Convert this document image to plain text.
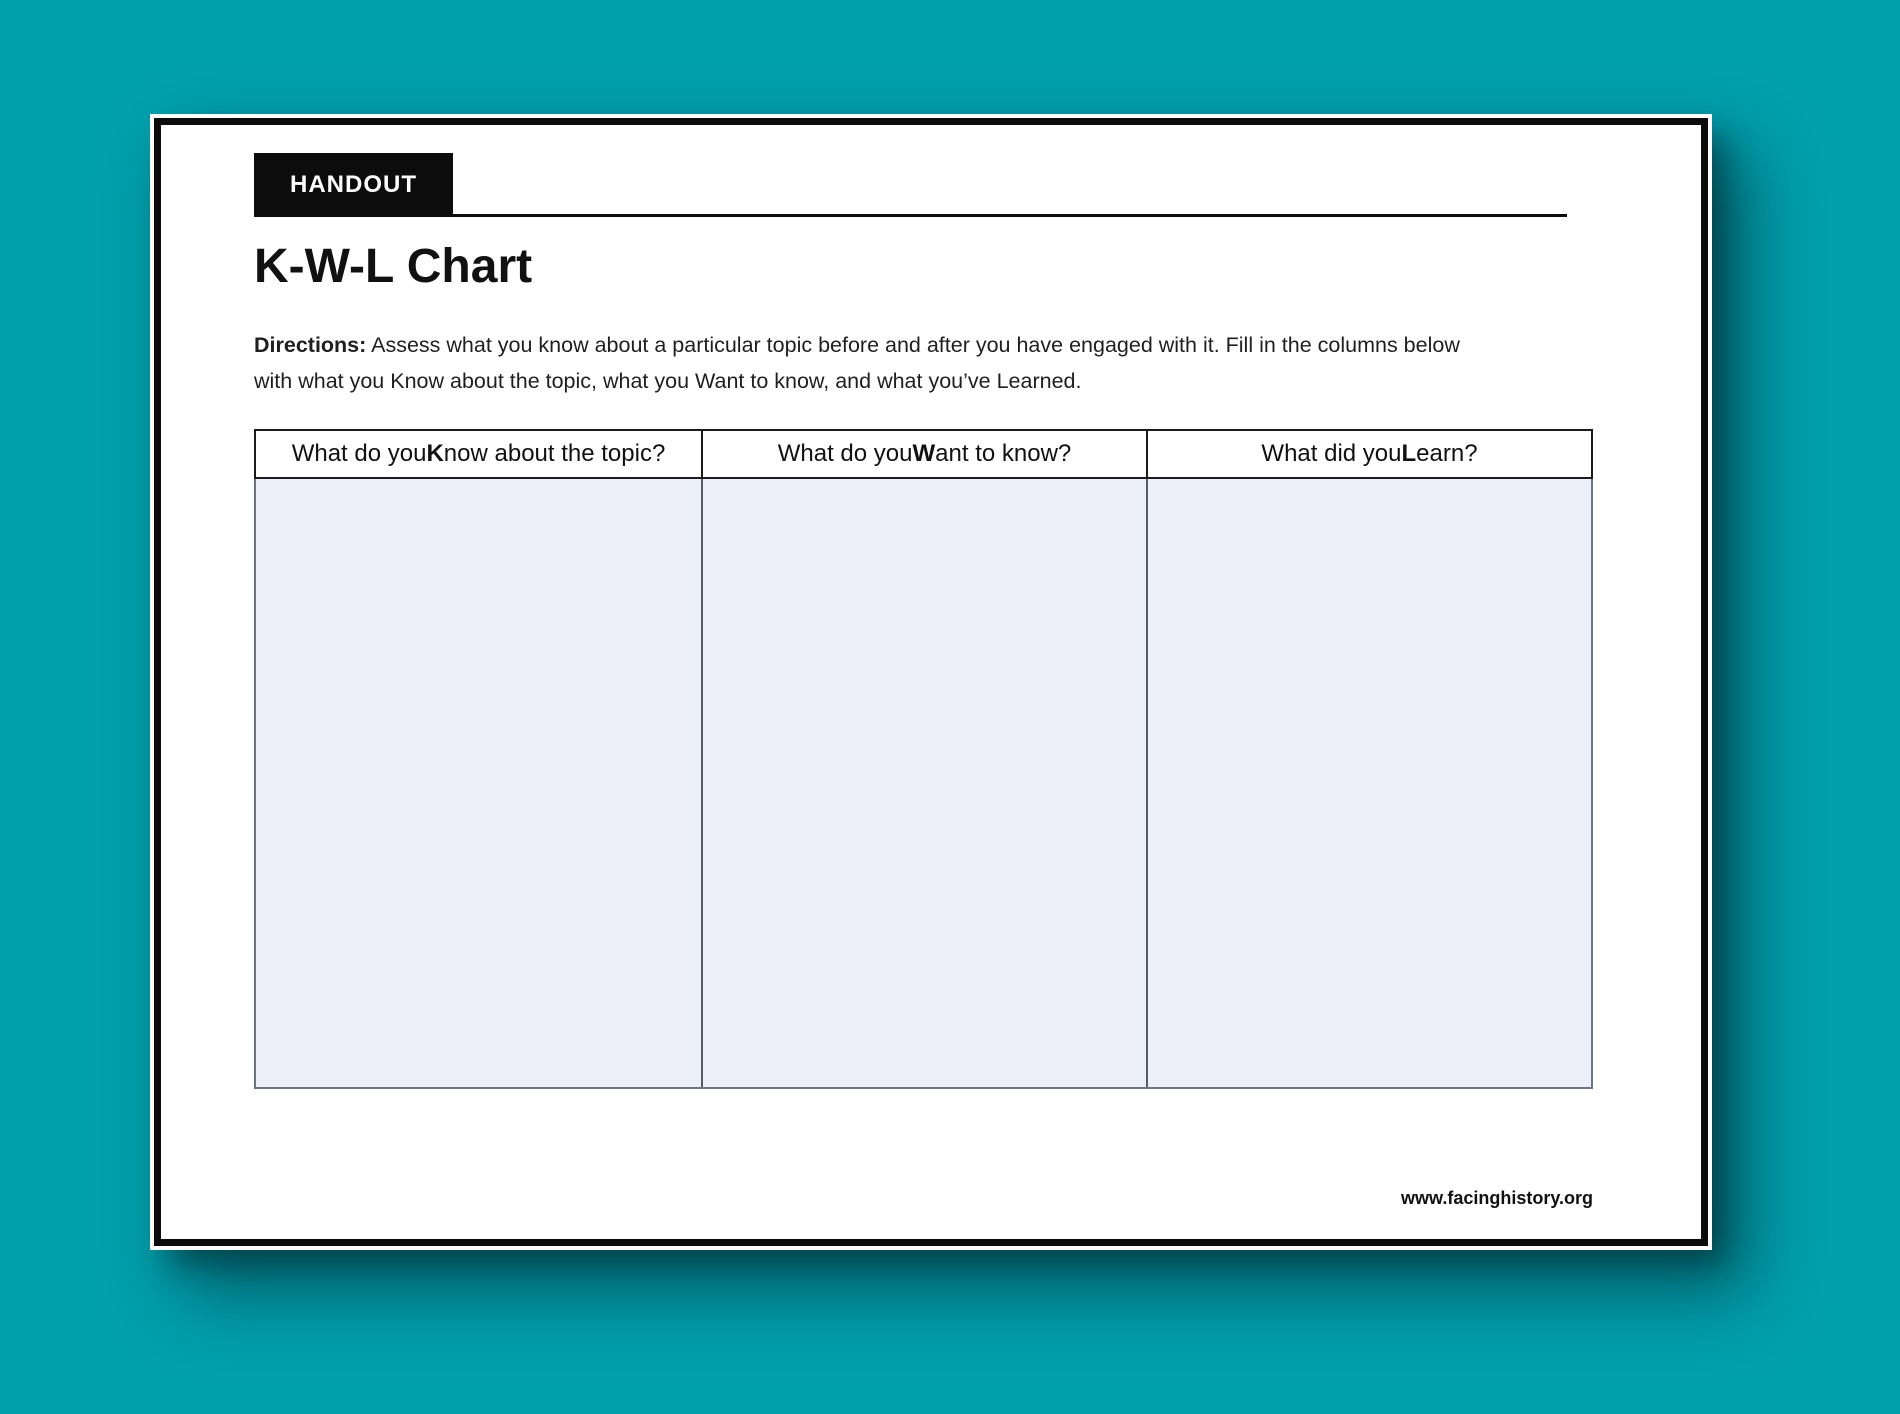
HANDOUT
K-W-L Chart

Directions: Assess what you know about a particular topic before and after you have engaged with it. Fill in the columns below
with what you Know about the topic, what you Want to know, and what you’ve Learned.

What do you K now about the topic?	What do you W ant to know?	What did you L earn?
www.facinghistory.org
